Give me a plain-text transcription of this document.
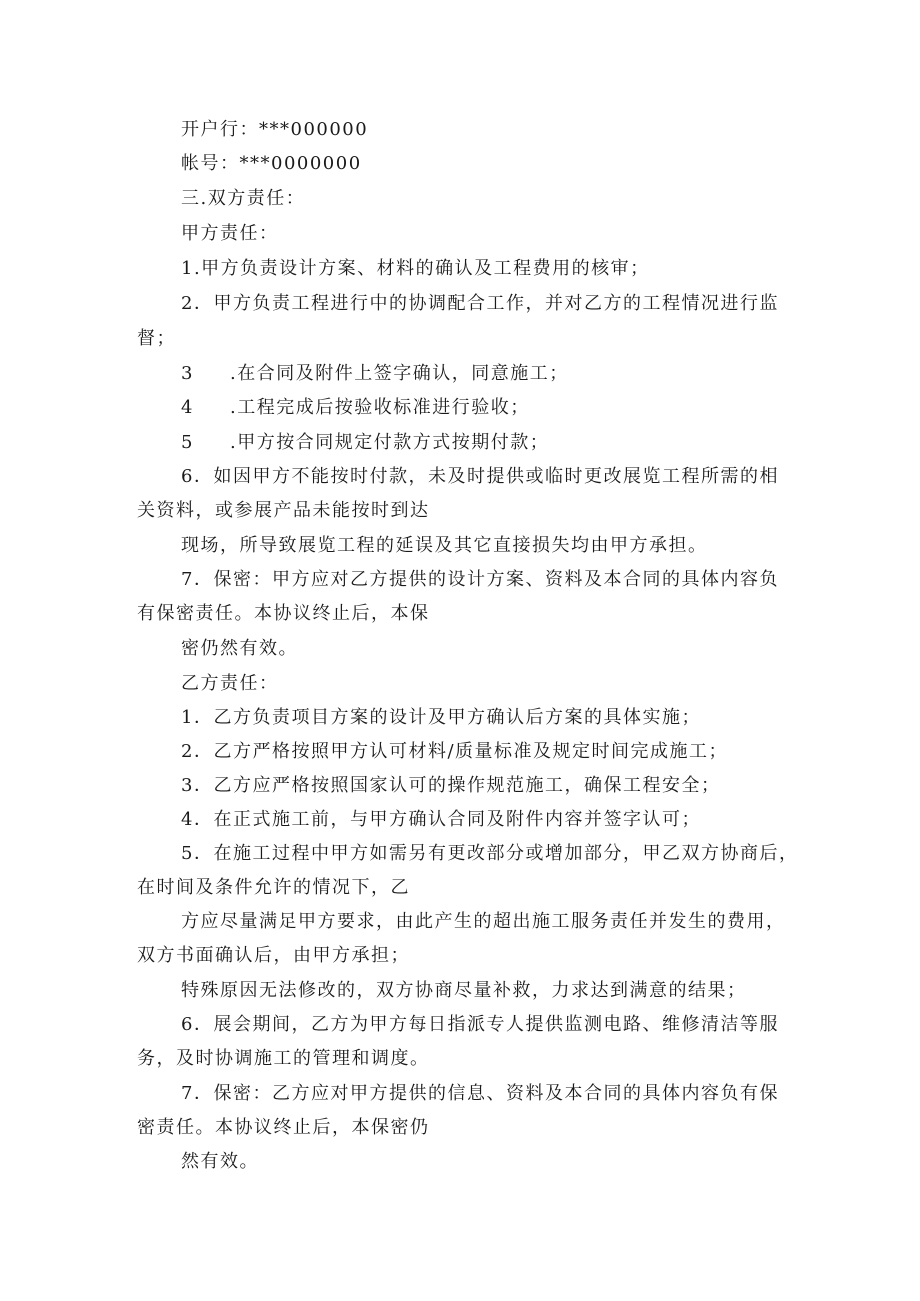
开户行：***000000
帐号：***0000000
三.双方责任：
甲方责任：
1.甲方负责设计方案、材料的确认及工程费用的核审；
2．甲方负责工程进行中的协调配合工作，并对乙方的工程情况进行监
督；
3 .在合同及附件上签字确认，同意施工；
4 .工程完成后按验收标准进行验收；
5 .甲方按合同规定付款方式按期付款；
6．如因甲方不能按时付款，未及时提供或临时更改展览工程所需的相
关资料，或参展产品未能按时到达
现场，所导致展览工程的延误及其它直接损失均由甲方承担。
7．保密：甲方应对乙方提供的设计方案、资料及本合同的具体内容负
有保密责任。本协议终止后，本保
密仍然有效。
乙方责任：
1．乙方负责项目方案的设计及甲方确认后方案的具体实施；
2．乙方严格按照甲方认可材料/质量标准及规定时间完成施工；
3．乙方应严格按照国家认可的操作规范施工，确保工程安全；
4．在正式施工前，与甲方确认合同及附件内容并签字认可；
5．在施工过程中甲方如需另有更改部分或增加部分，甲乙双方协商后，
在时间及条件允许的情况下，乙
方应尽量满足甲方要求，由此产生的超出施工服务责任并发生的费用，
双方书面确认后，由甲方承担；
特殊原因无法修改的，双方协商尽量补救，力求达到满意的结果；
6．展会期间，乙方为甲方每日指派专人提供监测电路、维修清洁等服
务，及时协调施工的管理和调度。
7．保密：乙方应对甲方提供的信息、资料及本合同的具体内容负有保
密责任。本协议终止后，本保密仍
然有效。
